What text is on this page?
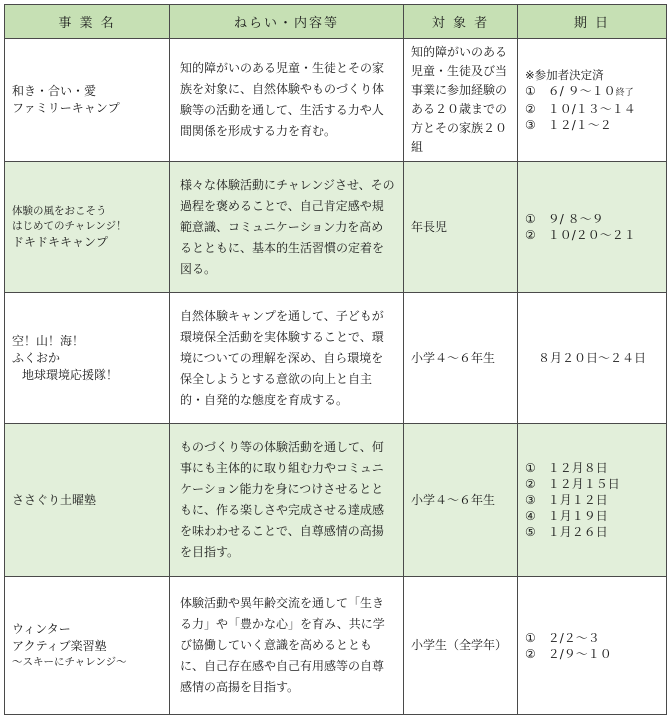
事 業 名	ねらい・内容等	対 象 者	期 日

和き・合い・愛
ファミリーキャンプ	知的障がいのある児童・生徒とその家族を対象に、自然体験やものづくり体験等の活動を通して、生活する力や人間関係を形成する力を育む。	知的障がいのある児童・生徒及び当事業に参加経験のある２０歳までの方とその家族２０組	※参加者決定済
①　６/ ９～１０終了
②　１０/１３～１４
③　１２/１～２

体験の風をおこそう
はじめてのチャレンジ！
ドキドキキャンプ	様々な体験活動にチャレンジさせ、その過程を褒めることで、自己肯定感や規範意識、コミュニケーション力を高めるとともに、基本的生活習慣の定着を図る。	年長児	①　９/ ８～９
②　１０/２０～２１

空！山！海！
ふくおか
地球環境応援隊！	自然体験キャンプを通して、子どもが環境保全活動を実体験することで、環境についての理解を深め、自ら環境を保全しようとする意欲の向上と自主的・自発的な態度を育成する。	小学４～６年生	８月２０日～２４日

ささぐり土曜塾	ものづくり等の体験活動を通して、何事にも主体的に取り組む力やコミュニケーション能力を身につけさせるとともに、作る楽しさや完成させる達成感を味わわせることで、自尊感情の高揚を目指す。	小学４～６年生	①　１２月８日
②　１２月１５日
③　１月１２日
④　１月１９日
⑤　１月２６日

ウィンター
アクティブ楽習塾
～スキーにチャレンジ～	体験活動や異年齢交流を通して「生きる力」や「豊かな心」を育み、共に学び協働していく意識を高めるとともに、自己存在感や自己有用感等の自尊感情の高揚を目指す。	小学生（全学年）	①　２/２～３
②　２/９～１０
